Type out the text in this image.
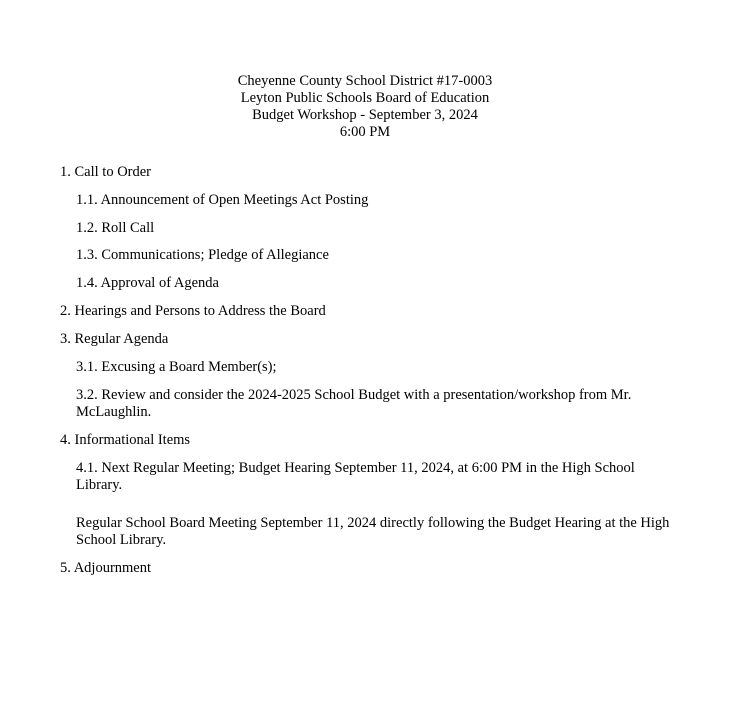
Cheyenne County School District #17-0003
Leyton Public Schools Board of Education
Budget Workshop - September 3, 2024
6:00 PM
1. Call to Order
1.1. Announcement of Open Meetings Act Posting
1.2. Roll Call
1.3. Communications; Pledge of Allegiance
1.4. Approval of Agenda
2. Hearings and Persons to Address the Board
3. Regular Agenda
3.1. Excusing a Board Member(s);
3.2. Review and consider the 2024-2025 School Budget with a presentation/workshop from Mr. McLaughlin.
4. Informational Items
4.1. Next Regular Meeting; Budget Hearing September 11, 2024, at 6:00 PM in the High School Library.
Regular School Board Meeting September 11, 2024 directly following the Budget Hearing at the High School Library.
5. Adjournment
